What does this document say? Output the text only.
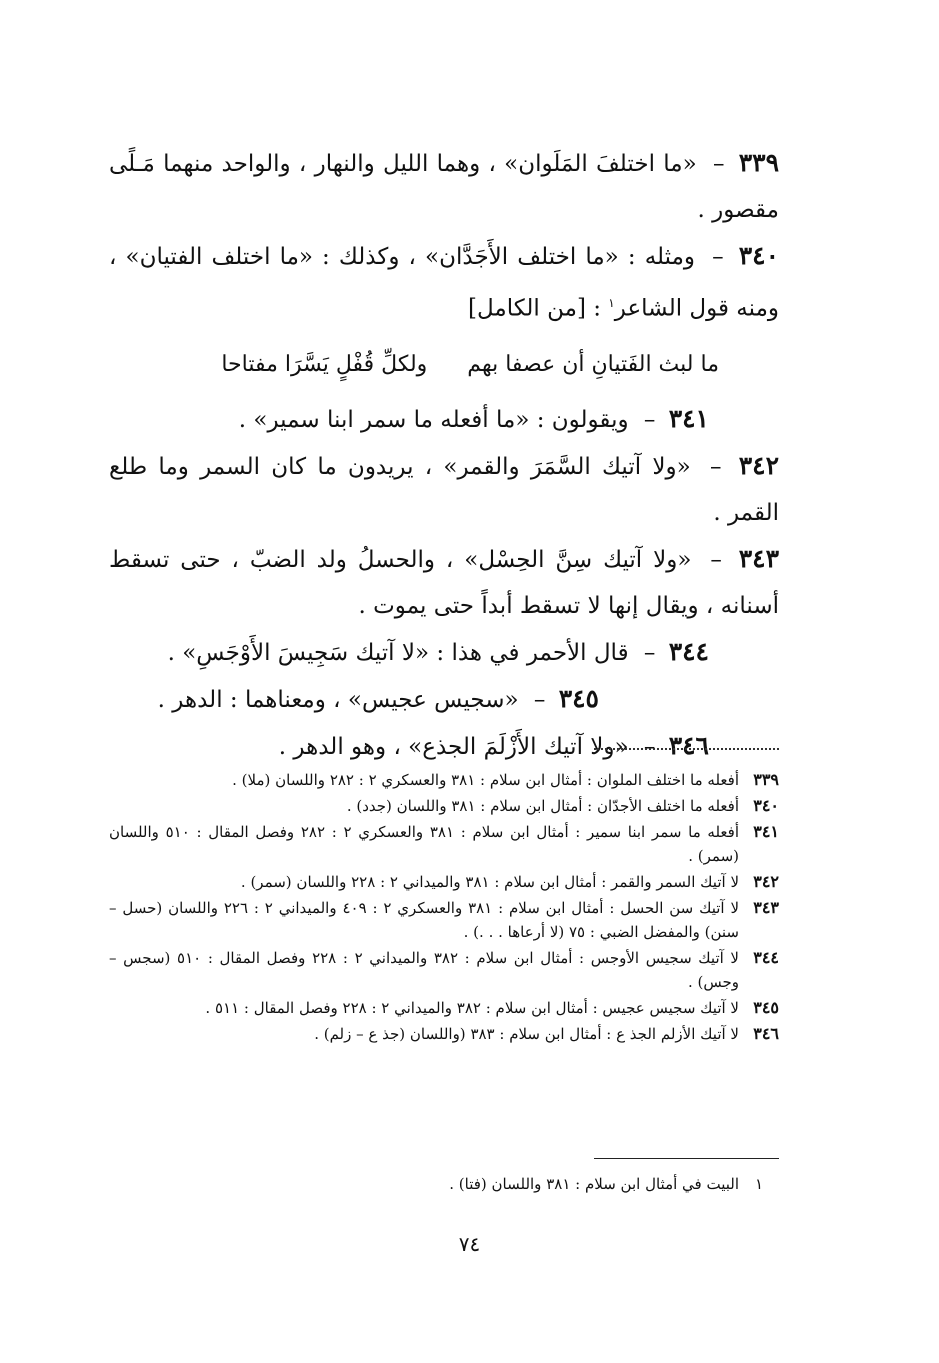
٣٣٩ – «ما اختلفَ المَلَوان» ، وهما الليل والنهار ، والواحد منهما مَـلًى مقصور .

٣٤٠ – ومثله : «ما اختلف الأَجَدَّان» ، وكذلك : «ما اختلف الفتيان» ، ومنه قول الشاعر$^١$ : [من الكامل]

ما لبث الفَتيانِ أن عصفا بهم
ولكلِّ قُفْلٍ يَسَّرَا مفتاحا

٣٤١ – ويقولون : «ما أفعله ما سمر ابنا سمير» .

٣٤٢ – «ولا آتيك السَّمَرَ والقمر» ، يريدون ما كان السمر وما طلع القمر .

٣٤٣ – «ولا آتيك سِنَّ الحِسْل» ، والحسلُ ولد الضبّ ، حتى تسقط أسنانه ، ويقال إنها لا تسقط أبداً حتى يموت .

٣٤٤ – قال الأحمر في هذا : «لا آتيك سَجِيسَ الأَوْجَسِ» .

٣٤٥ – «سجيس عجيس» ، ومعناهما : الدهر .

٣٤٦ – «ولا آتيك الأَزْلَمَ الجذع» ، وهو الدهر .

٣٣٩
أفعله ما اختلف الملوان : أمثال ابن سلام : ٣٨١ والعسكري ٢ : ٢٨٢ واللسان (ملا) .
٣٤٠
أفعله ما اختلف الأجدّان : أمثال ابن سلام : ٣٨١ واللسان (جدد) .
٣٤١
أفعله ما سمر ابنا سمير : أمثال ابن سلام : ٣٨١ والعسكري ٢ : ٢٨٢ وفصل المقال : ٥١٠ واللسان (سمر) .
٣٤٢
لا آتيك السمر والقمر : أمثال ابن سلام : ٣٨١ والميداني ٢ : ٢٢٨ واللسان (سمر) .
٣٤٣
لا آتيك سن الحسل : أمثال ابن سلام : ٣٨١ والعسكري ٢ : ٤٠٩ والميداني ٢ : ٢٢٦ واللسان (حسل – سنن) والمفضل الضبي : ٧٥ (لا أرعاها . . .) .
٣٤٤
لا آتيك سجيس الأوجس : أمثال ابن سلام : ٣٨٢ والميداني ٢ : ٢٢٨ وفصل المقال : ٥١٠ (سجس – وجس) .
٣٤٥
لا آتيك سجيس عجيس : أمثال ابن سلام : ٣٨٢ والميداني ٢ : ٢٢٨ وفصل المقال : ٥١١ .
٣٤٦
لا آتيك الأزلم الجذ ع : أمثال ابن سلام : ٣٨٣ (واللسان (جذ ع – زلم) .
١
البيت في أمثال ابن سلام : ٣٨١ واللسان (فتا) .
٧٤
